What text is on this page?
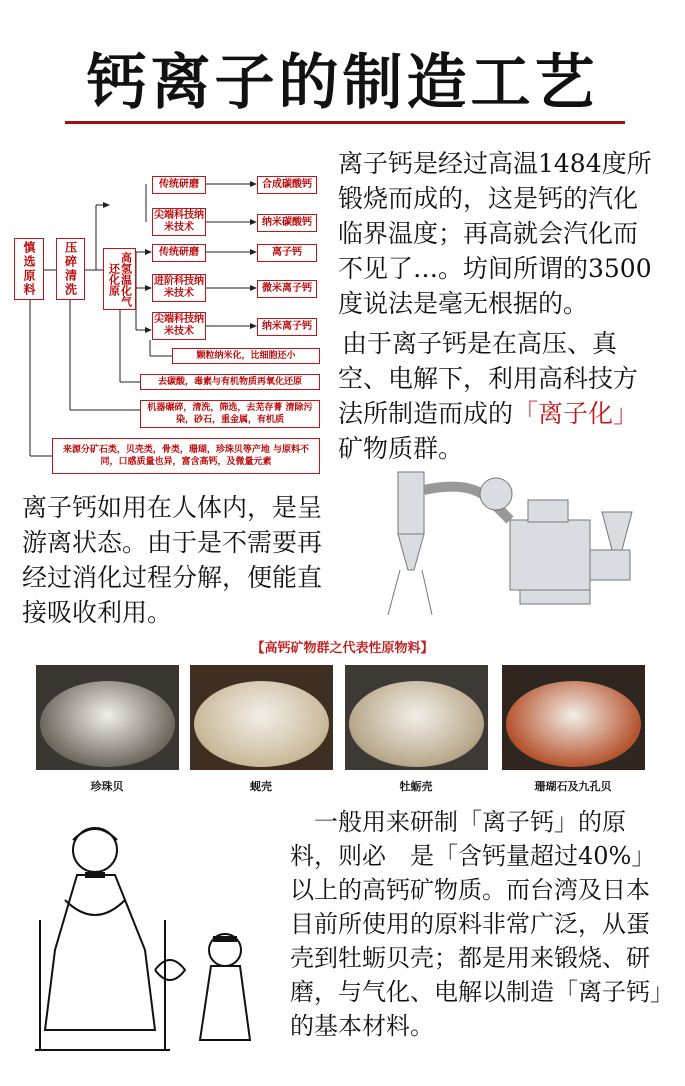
钙离子的制造工艺
离子钙是经过高温1484度所
锻烧而成的，这是钙的汽化
临界温度；再高就会汽化而
不见了…。坊间所谓的3500
度说法是毫无根据的。
由于离子钙是在高压、真
空、电解下，利用高科技方
法所制造而成的「离子化」
矿物质群。
慎选原料	压碎清洗	高氢温化气还化原
传统研磨
尖端科技纳米技术
合成碳酸钙
纳米碳酸钙
传统研磨
进阶科技纳米技术
尖端科技纳米技术
离子钙
微米离子钙
纳米离子钙
颗粒纳米化，比细胞还小
去碳酸，毒素与有机物质再氧化还原
机器碾碎，清洗，筛选，去芜存菁 清除污染，砂石，重金属，有机质
来源分矿石类，贝壳类，骨类，珊瑚，珍珠贝等产地 与原料不同，口感质量也异，富含高钙，及微量元素
离子钙如用在人体内，是呈
游离状态。由于是不需要再
经过消化过程分解，便能直
接吸收利用。
【高钙矿物群之代表性原物料】
珍珠贝	蚬壳	牡蛎壳	珊瑚石及九孔贝
一般用来研制「离子钙」的原
料，则必　是「含钙量超过40%」
以上的高钙矿物质。而台湾及日本
目前所使用的原料非常广泛，从蛋
壳到牡蛎贝壳；都是用来锻烧、研
磨，与气化、电解以制造「离子钙」
的基本材料。
